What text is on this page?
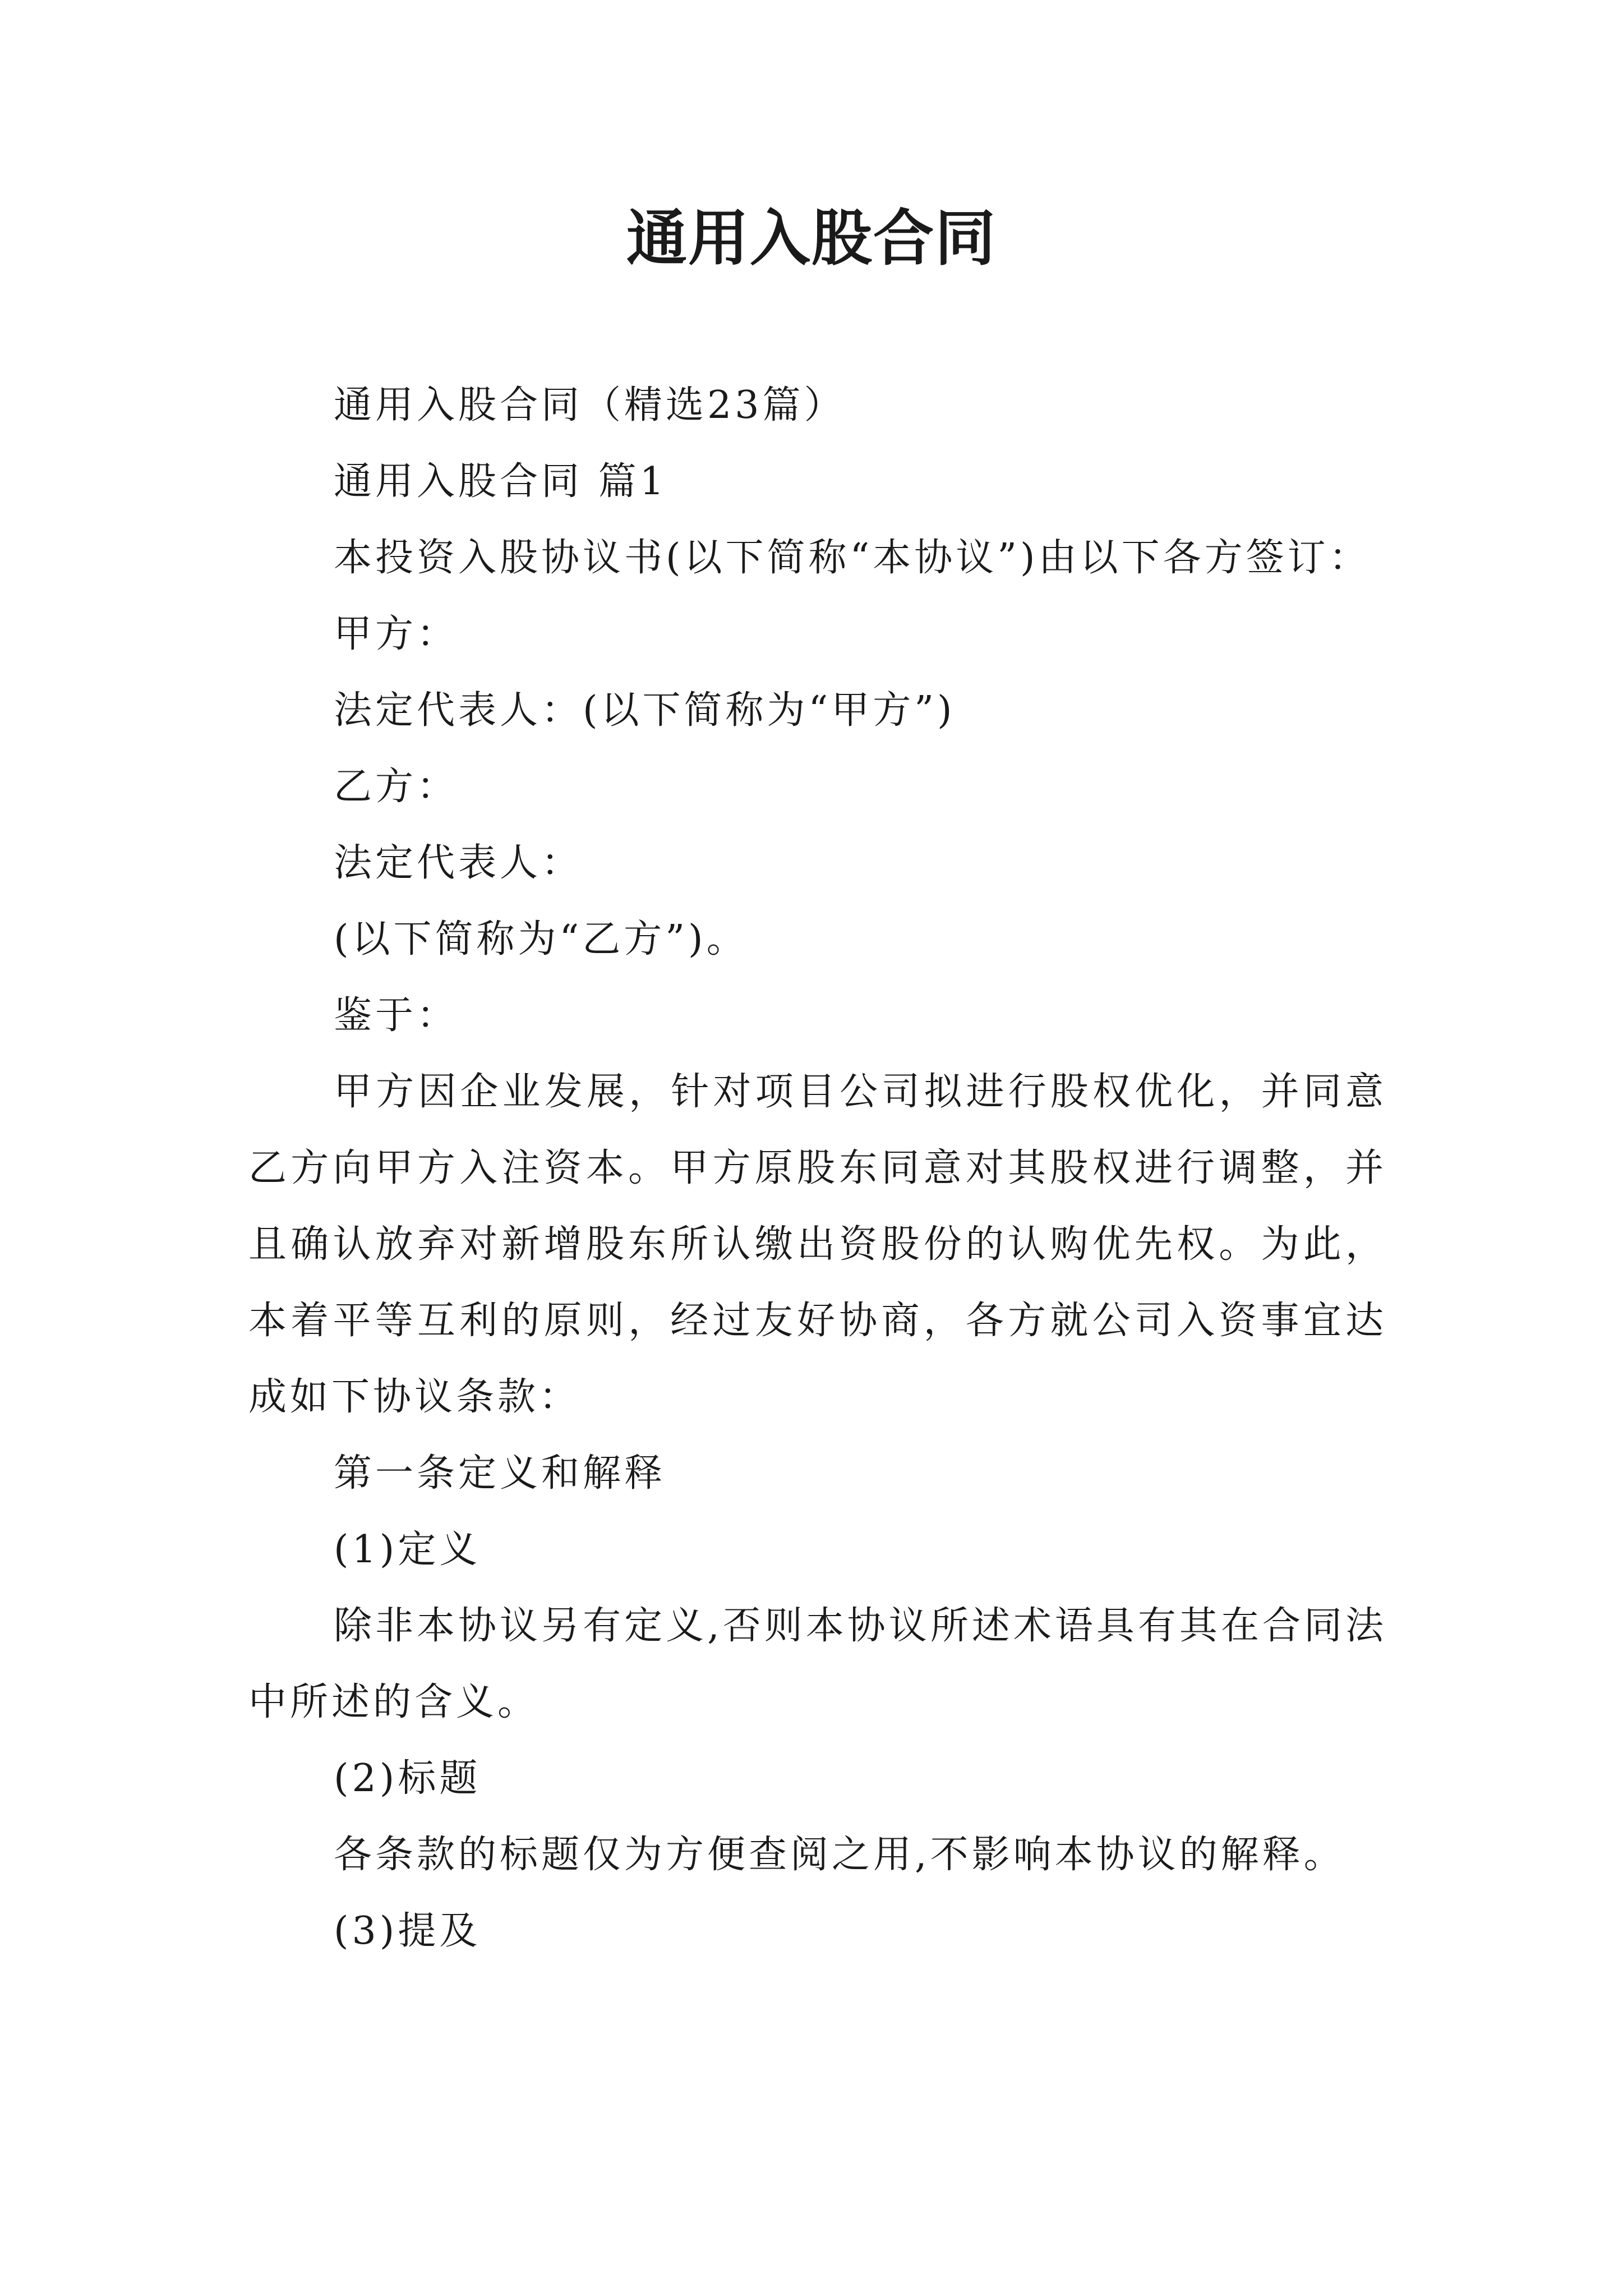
通用入股合同

通用入股合同（精选23篇）

通用入股合同 篇1

本投资入股协议书(以下简称“本协议”)由以下各方签订：

甲方：

法定代表人：(以下简称为“甲方”)

乙方：

法定代表人：

(以下简称为“乙方”)。

鉴于：

甲方因企业发展，针对项目公司拟进行股权优化，并同意乙方向甲方入注资本。甲方原股东同意对其股权进行调整，并且确认放弃对新增股东所认缴出资股份的认购优先权。为此，本着平等互利的原则，经过友好协商，各方就公司入资事宜达成如下协议条款：

第一条定义和解释

(1)定义

除非本协议另有定义,否则本协议所述术语具有其在合同法中所述的含义。

(2)标题

各条款的标题仅为方便查阅之用,不影响本协议的解释。

(3)提及
